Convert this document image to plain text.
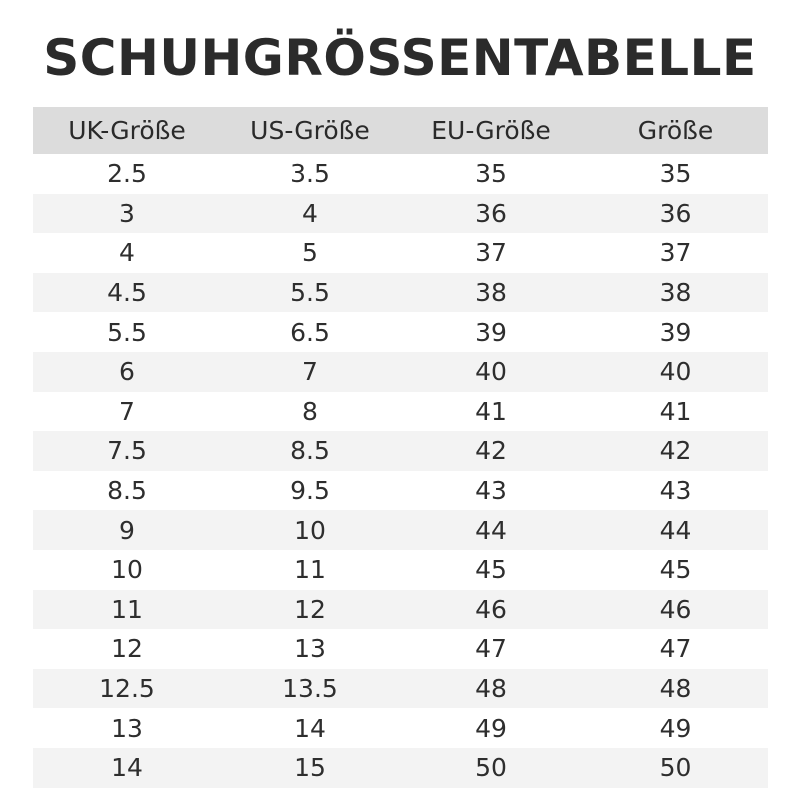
SCHUHGRÖSSENTABELLE
UK-Größe	US-Größe	EU-Größe	Größe
2.5	3.5	35	35
3	4	36	36
4	5	37	37
4.5	5.5	38	38
5.5	6.5	39	39
6	7	40	40
7	8	41	41
7.5	8.5	42	42
8.5	9.5	43	43
9	10	44	44
10	11	45	45
11	12	46	46
12	13	47	47
12.5	13.5	48	48
13	14	49	49
14	15	50	50
